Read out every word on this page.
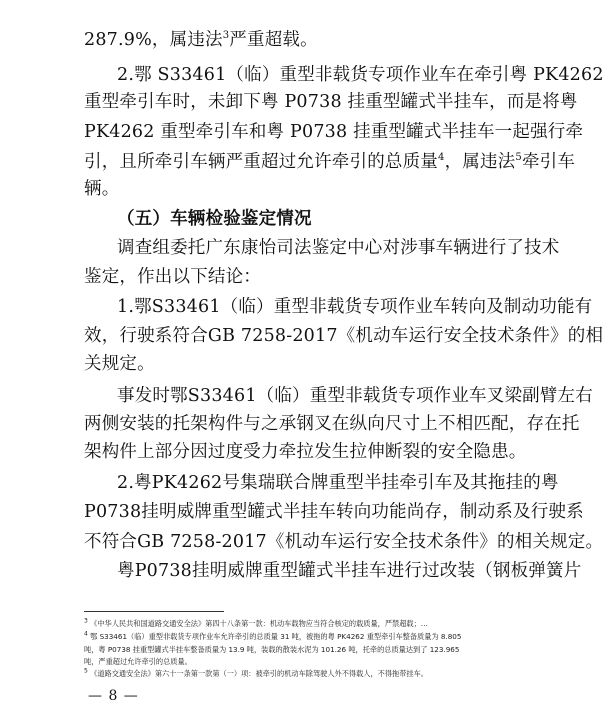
287.9%，属违法$^3$严重超载。
2.鄂 S33461（临）重型非载货专项作业车在牵引粤 PK4262
重型牵引车时，未卸下粤 P0738 挂重型罐式半挂车，而是将粤
PK4262 重型牵引车和粤 P0738 挂重型罐式半挂车一起强行牵
引，且所牵引车辆严重超过允许牵引的总质量$^4$，属违法$^5$牵引车
辆。
（五）车辆检验鉴定情况
调查组委托广东康怡司法鉴定中心对涉事车辆进行了技术
鉴定，作出以下结论：
1.鄂S33461（临）重型非载货专项作业车转向及制动功能有
效，行驶系符合GB 7258-2017《机动车运行安全技术条件》的相
关规定。
事发时鄂S33461（临）重型非载货专项作业车叉梁副臂左右
两侧安装的托架构件与之承钢叉在纵向尺寸上不相匹配，存在托
架构件上部分因过度受力牵拉发生拉伸断裂的安全隐患。
2.粤PK4262号集瑞联合牌重型半挂牵引车及其拖挂的粤
P0738挂明威牌重型罐式半挂车转向功能尚存，制动系及行驶系
不符合GB 7258-2017《机动车运行安全技术条件》的相关规定。
粤P0738挂明威牌重型罐式半挂车进行过改装（钢板弹簧片
$^3$ 《中华人民共和国道路交通安全法》第四十八条第一款：机动车载物应当符合核定的载质量，严禁超载；…
$^4$ 鄂 S33461（临）重型非载货专项作业车允许牵引的总质量 31 吨，被拖的粤 PK4262 重型牵引车整备质量为 8.805
吨，粤 P0738 挂重型罐式半挂车整备质量为 13.9 吨，装载的散装水泥为 101.26 吨，托牵的总质量达到了 123.965
吨，严重超过允许牵引的总质量。
$^5$ 《道路交通安全法》第六十一条第一款第（一）项：被牵引的机动车除驾驶人外不得载人，不得拖带挂车。
— 8 —
